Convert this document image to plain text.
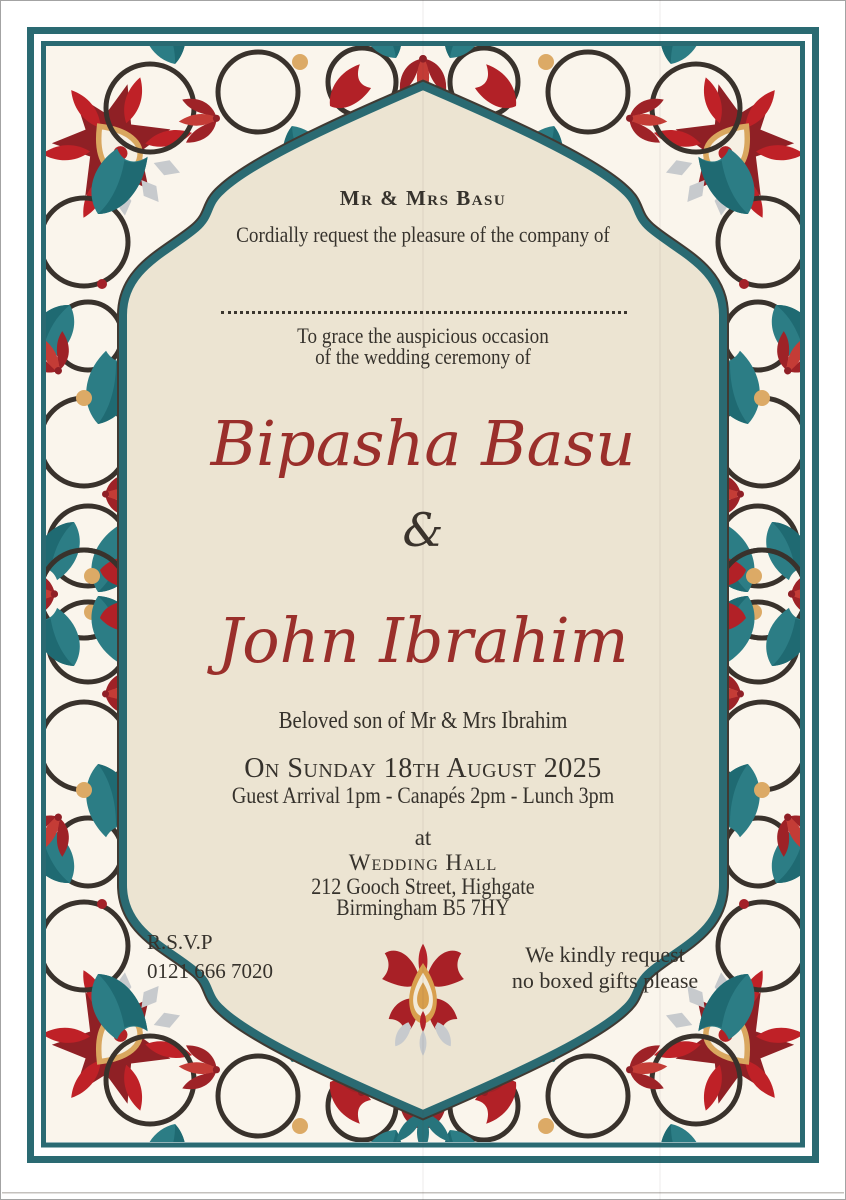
Mr & Mrs Basu
Cordially request the pleasure of the company of
To grace the auspicious occasion
of the wedding ceremony of
Bipasha Basu
&
John Ibrahim
Beloved son of Mr & Mrs Ibrahim
On Sunday 18th August 2025
Guest Arrival 1pm - Canapés 2pm - Lunch 3pm
at
Wedding Hall
212 Gooch Street, Highgate
Birmingham B5 7HY
R.S.V.P
0121 666 7020
We kindly request
no boxed gifts please
